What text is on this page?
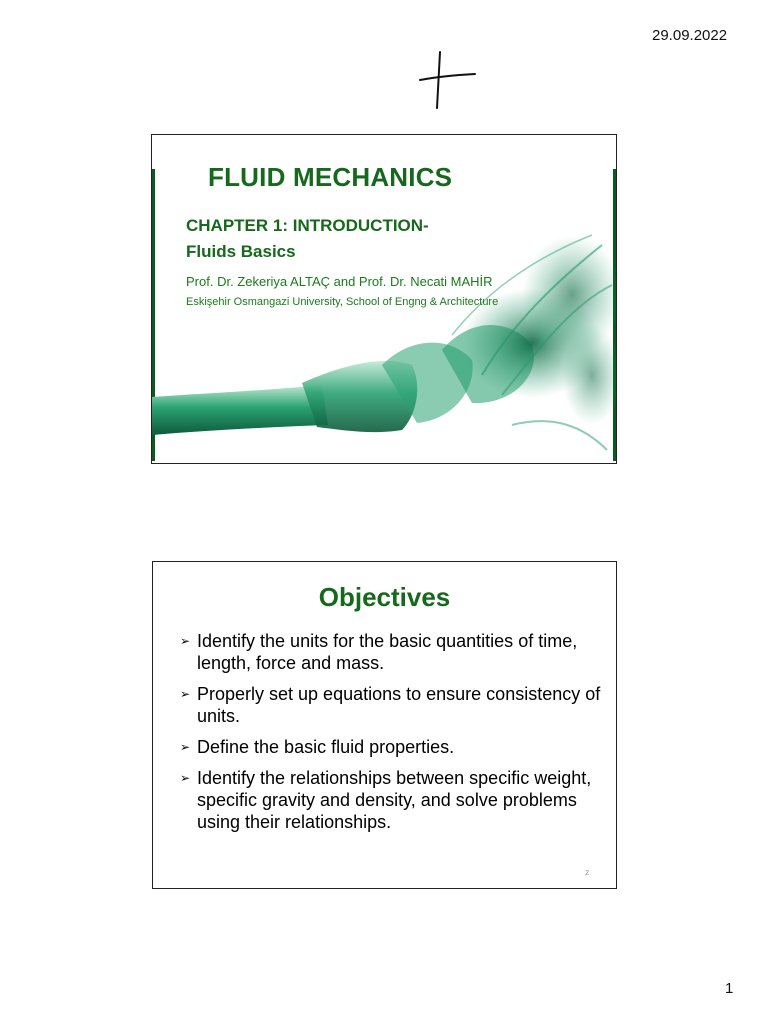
29.09.2022
FLUID MECHANICS
CHAPTER 1: INTRODUCTION-
Fluids Basics
Prof. Dr. Zekeriya ALTAÇ and Prof. Dr. Necati MAHİR
Eskişehir Osmangazi University, School of Engng & Architecture
Objectives
➢ Identify the units for the basic quantities of time, length, force and mass.
➢ Properly set up equations to ensure consistency of units.
➢ Define the basic fluid properties.
➢ Identify the relationships between specific weight, specific gravity and density, and solve problems using their relationships.
2
1
